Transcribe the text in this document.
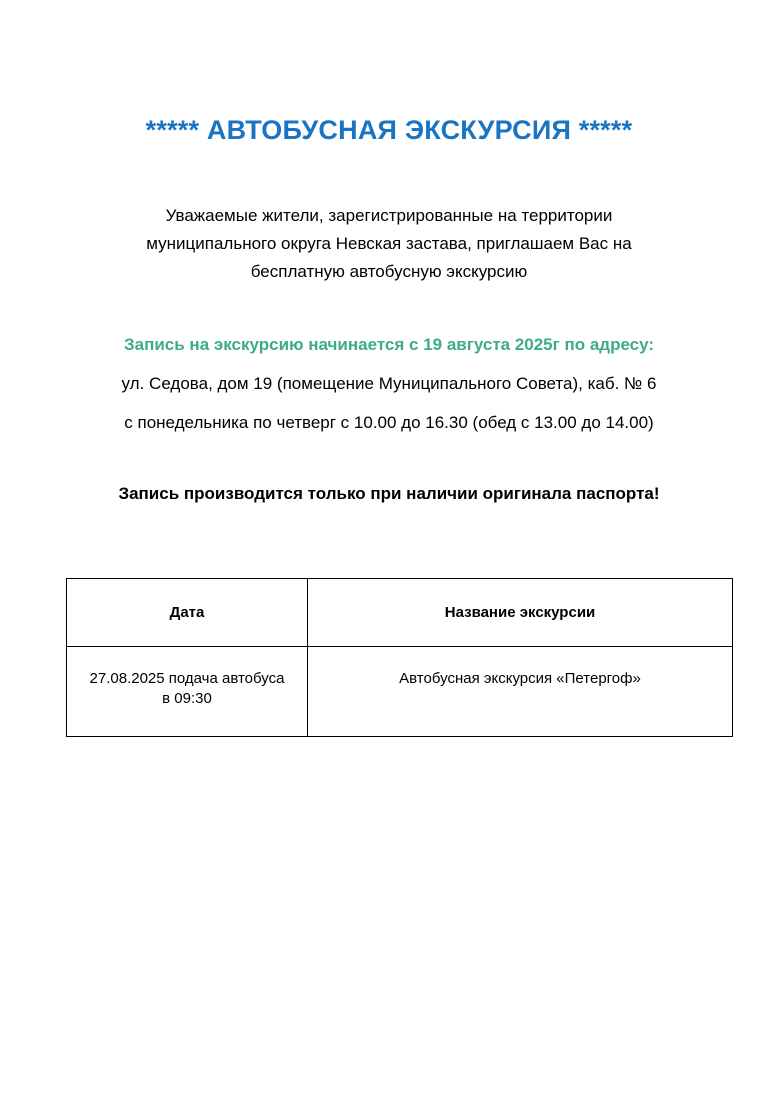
***** АВТОБУСНАЯ ЭКСКУРСИЯ *****
Уважаемые жители, зарегистрированные на территории
муниципального округа Невская застава, приглашаем Вас на
бесплатную автобусную экскурсию
Запись на экскурсию начинается с 19 августа 2025г по адресу:
ул. Седова, дом 19 (помещение Муниципального Совета), каб. № 6
с понедельника по четверг с 10.00 до 16.30 (обед с 13.00 до 14.00)
Запись производится только при наличии оригинала паспорта!
Дата	Название экскурсии

27.08.2025 подача автобуса
в 09:30	Автобусная экскурсия «Петергоф»
